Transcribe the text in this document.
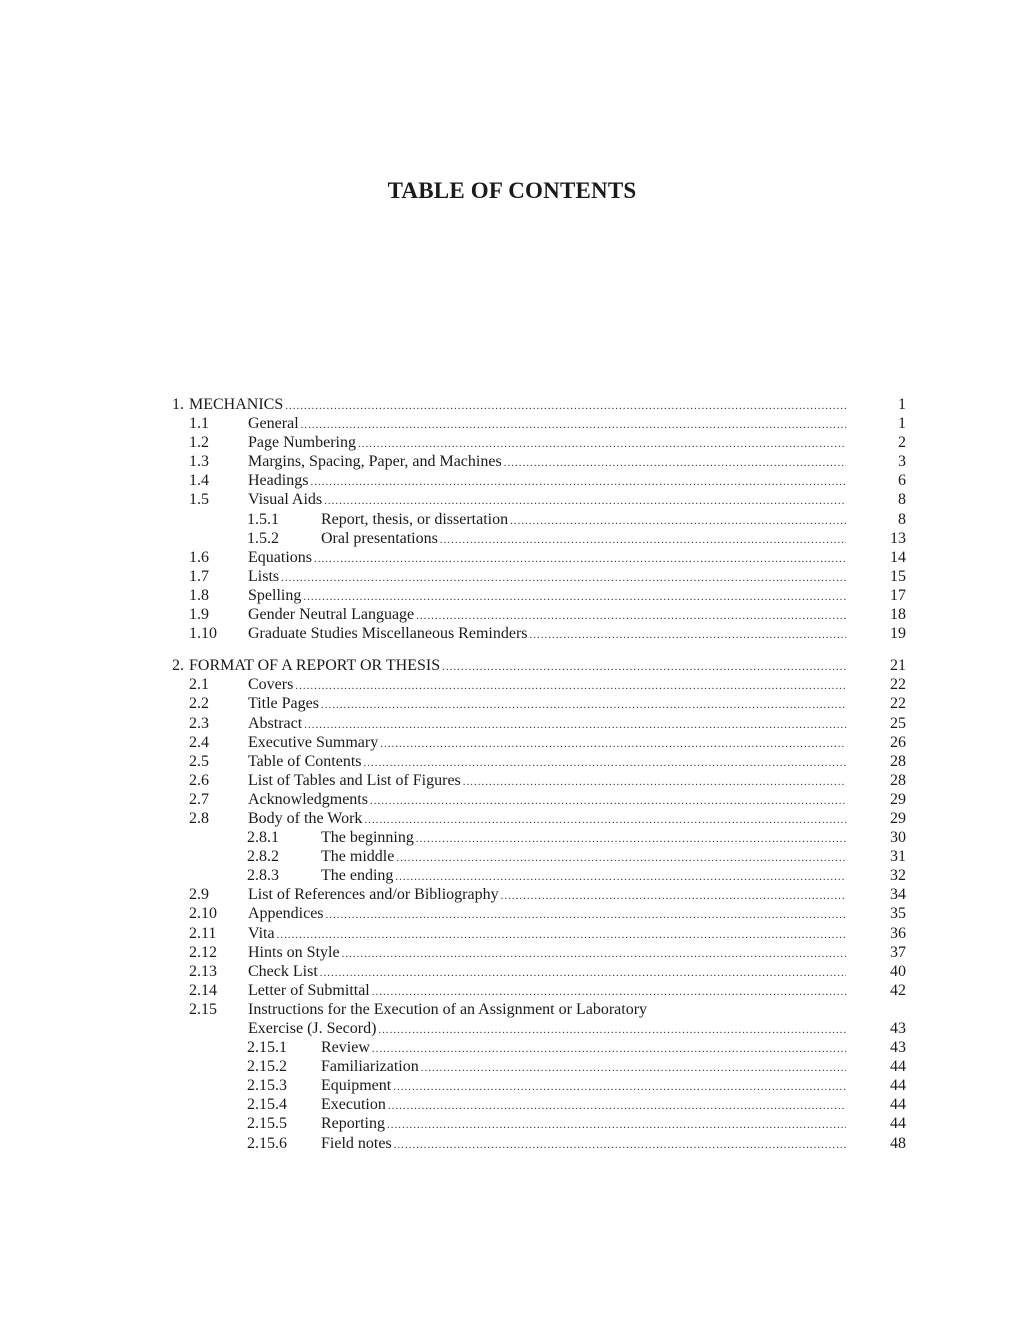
TABLE OF CONTENTS
1. MECHANICS .....	1
1.1 General .....	1
1.2 Page Numbering .....	2
1.3 Margins, Spacing, Paper, and Machines .....	3
1.4 Headings .....	6
1.5 Visual Aids .....	8
1.5.1	Report, thesis, or dissertation .....	8
1.5.2	Oral presentations .....	13
1.6 Equations .....	14
1.7 Lists .....	15
1.8 Spelling .....	17
1.9 Gender Neutral Language .....	18
1.10 Graduate Studies Miscellaneous Reminders .....	19
2. FORMAT OF A REPORT OR THESIS .....	21
2.1 Covers .....	22
2.2 Title Pages .....	22
2.3 Abstract .....	25
2.4 Executive Summary .....	26
2.5 Table of Contents .....	28
2.6 List of Tables and List of Figures .....	28
2.7 Acknowledgments .....	29
2.8 Body of the Work .....	29
2.8.1	The beginning .....	30
2.8.2	The middle .....	31
2.8.3	The ending .....	32
2.9 List of References and/or Bibliography .....	34
2.10 Appendices .....	35
2.11 Vita .....	36
2.12 Hints on Style .....	37
2.13 Check List .....	40
2.14 Letter of Submittal .....	42
2.15 Instructions for the Execution of an Assignment or Laboratory
Exercise (J. Secord) .....	43
2.15.1 Review .....	43
2.15.2 Familiarization .....	44
2.15.3 Equipment .....	44
2.15.4 Execution .....	44
2.15.5 Reporting .....	44
2.15.6 Field notes .....	48
